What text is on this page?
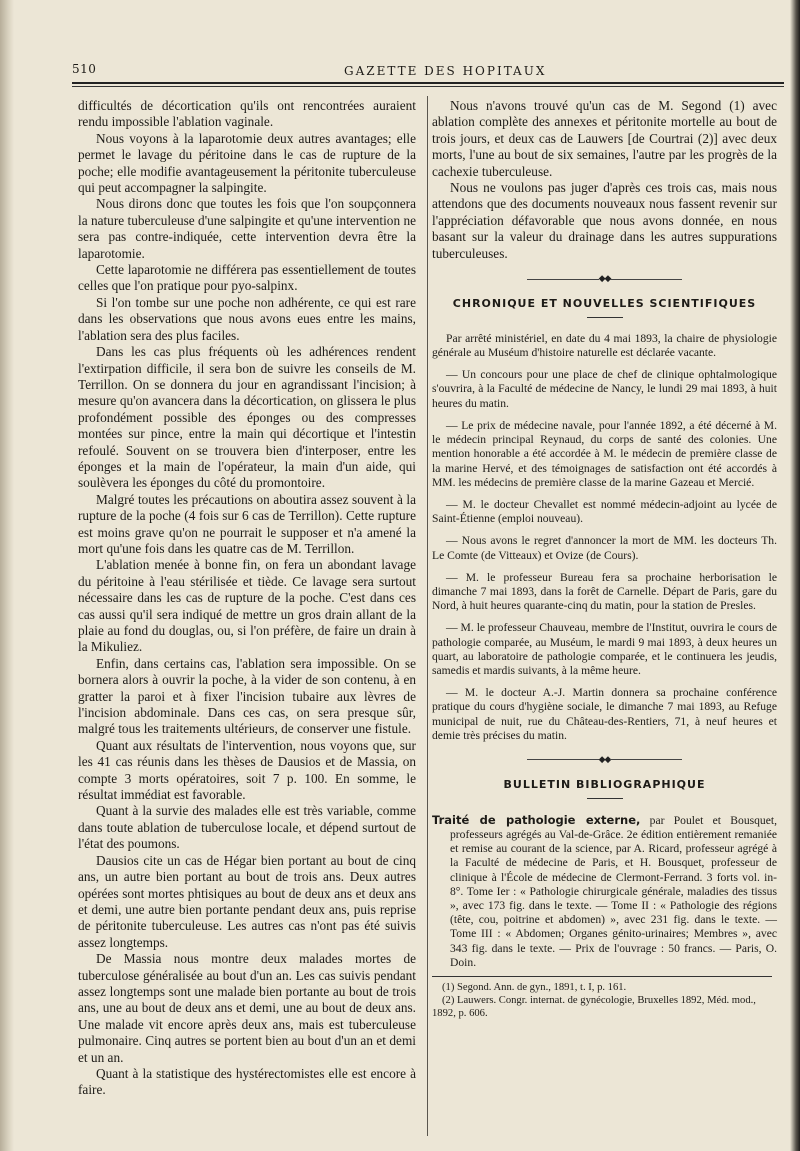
510	GAZETTE DES HOPITAUX

difficultés de décortication qu'ils ont rencontrées auraient rendu impossible l'ablation vaginale.

Nous voyons à la laparotomie deux autres avantages; elle permet le lavage du péritoine dans le cas de rupture de la poche; elle modifie avantageusement la péritonite tuberculeuse qui peut accompagner la salpingite.

Nous dirons donc que toutes les fois que l'on soupçonnera la nature tuberculeuse d'une salpingite et qu'une intervention ne sera pas contre-indiquée, cette intervention devra être la laparotomie.

Cette laparotomie ne différera pas essentiellement de toutes celles que l'on pratique pour pyo-salpinx.

Si l'on tombe sur une poche non adhérente, ce qui est rare dans les observations que nous avons eues entre les mains, l'ablation sera des plus faciles.

Dans les cas plus fréquents où les adhérences rendent l'extirpation difficile, il sera bon de suivre les conseils de M. Terrillon. On se donnera du jour en agrandissant l'incision; à mesure qu'on avancera dans la décortication, on glissera le plus profondément possible des éponges ou des compresses montées sur pince, entre la main qui décortique et l'intestin refoulé. Souvent on se trouvera bien d'interposer, entre les éponges et la main de l'opérateur, la main d'un aide, qui soulèvera les éponges du côté du promontoire.

Malgré toutes les précautions on aboutira assez souvent à la rupture de la poche (4 fois sur 6 cas de Terrillon). Cette rupture est moins grave qu'on ne pourrait le supposer et n'a amené la mort qu'une fois dans les quatre cas de M. Terrillon.

L'ablation menée à bonne fin, on fera un abondant lavage du péritoine à l'eau stérilisée et tiède. Ce lavage sera surtout nécessaire dans les cas de rupture de la poche. C'est dans ces cas aussi qu'il sera indiqué de mettre un gros drain allant de la plaie au fond du douglas, ou, si l'on préfère, de faire un drain à la Mikuliez.

Enfin, dans certains cas, l'ablation sera impossible. On se bornera alors à ouvrir la poche, à la vider de son contenu, à en gratter la paroi et à fixer l'incision tubaire aux lèvres de l'incision abdominale. Dans ces cas, on sera presque sûr, malgré tous les traitements ultérieurs, de conserver une fistule.

Quant aux résultats de l'intervention, nous voyons que, sur les 41 cas réunis dans les thèses de Dausios et de Massia, on compte 3 morts opératoires, soit 7 p. 100. En somme, le résultat immédiat est favorable.

Quant à la survie des malades elle est très variable, comme dans toute ablation de tuberculose locale, et dépend surtout de l'état des poumons.

Dausios cite un cas de Hégar bien portant au bout de cinq ans, un autre bien portant au bout de trois ans. Deux autres opérées sont mortes phtisiques au bout de deux ans et deux ans et demi, une autre bien portante pendant deux ans, puis reprise de péritonite tuberculeuse. Les autres cas n'ont pas été suivis assez longtemps.

De Massia nous montre deux malades mortes de tuberculose généralisée au bout d'un an. Les cas suivis pendant assez longtemps sont une malade bien portante au bout de trois ans, une au bout de deux ans et demi, une au bout de deux ans. Une malade vit encore après deux ans, mais est tuberculeuse pulmonaire. Cinq autres se portent bien au bout d'un an et demi et un an.

Quant à la statistique des hystérectomistes elle est encore à faire.

Nous n'avons trouvé qu'un cas de M. Segond (1) avec ablation complète des annexes et péritonite mortelle au bout de trois jours, et deux cas de Lauwers [de Courtrai (2)] avec deux morts, l'une au bout de six semaines, l'autre par les progrès de la cachexie tuberculeuse.

Nous ne voulons pas juger d'après ces trois cas, mais nous attendons que des documents nouveaux nous fassent revenir sur l'appréciation défavorable que nous avons donnée, en nous basant sur la valeur du drainage dans les autres suppurations tuberculeuses.

◆◆
CHRONIQUE ET NOUVELLES SCIENTIFIQUES

Par arrêté ministériel, en date du 4 mai 1893, la chaire de physiologie générale au Muséum d'histoire naturelle est déclarée vacante.

— Un concours pour une place de chef de clinique ophtalmologique s'ouvrira, à la Faculté de médecine de Nancy, le lundi 29 mai 1893, à huit heures du matin.

— Le prix de médecine navale, pour l'année 1892, a été décerné à M. le médecin principal Reynaud, du corps de santé des colonies. Une mention honorable a été accordée à M. le médecin de première classe de la marine Hervé, et des témoignages de satisfaction ont été accordés à MM. les médecins de première classe de la marine Gazeau et Mercié.

— M. le docteur Chevallet est nommé médecin-adjoint au lycée de Saint-Étienne (emploi nouveau).

— Nous avons le regret d'annoncer la mort de MM. les docteurs Th. Le Comte (de Vitteaux) et Ovize (de Cours).

— M. le professeur Bureau fera sa prochaine herborisation le dimanche 7 mai 1893, dans la forêt de Carnelle. Départ de Paris, gare du Nord, à huit heures quarante-cinq du matin, pour la station de Presles.

— M. le professeur Chauveau, membre de l'Institut, ouvrira le cours de pathologie comparée, au Muséum, le mardi 9 mai 1893, à deux heures un quart, au laboratoire de pathologie comparée, et le continuera les jeudis, samedis et mardis suivants, à la même heure.

— M. le docteur A.-J. Martin donnera sa prochaine conférence pratique du cours d'hygiène sociale, le dimanche 7 mai 1893, au Refuge municipal de nuit, rue du Château-des-Rentiers, 71, à neuf heures et demie très précises du matin.

◆◆
BULLETIN BIBLIOGRAPHIQUE

Traité de pathologie externe, par Poulet et Bousquet, professeurs agrégés au Val-de-Grâce. 2e édition entièrement remaniée et remise au courant de la science, par A. Ricard, professeur agrégé à la Faculté de médecine de Paris, et H. Bousquet, professeur de clinique à l'École de médecine de Clermont-Ferrand. 3 forts vol. in-8°. Tome Ier : « Pathologie chirurgicale générale, maladies des tissus », avec 173 fig. dans le texte. — Tome II : « Pathologie des régions (tête, cou, poitrine et abdomen) », avec 231 fig. dans le texte. — Tome III : « Abdomen; Organes génito-urinaires; Membres », avec 343 fig. dans le texte. — Prix de l'ouvrage : 50 francs. — Paris, O. Doin.

(1) Segond. Ann. de gyn., 1891, t. I, p. 161.

(2) Lauwers. Congr. internat. de gynécologie, Bruxelles 1892, Méd. mod., 1892, p. 606.
